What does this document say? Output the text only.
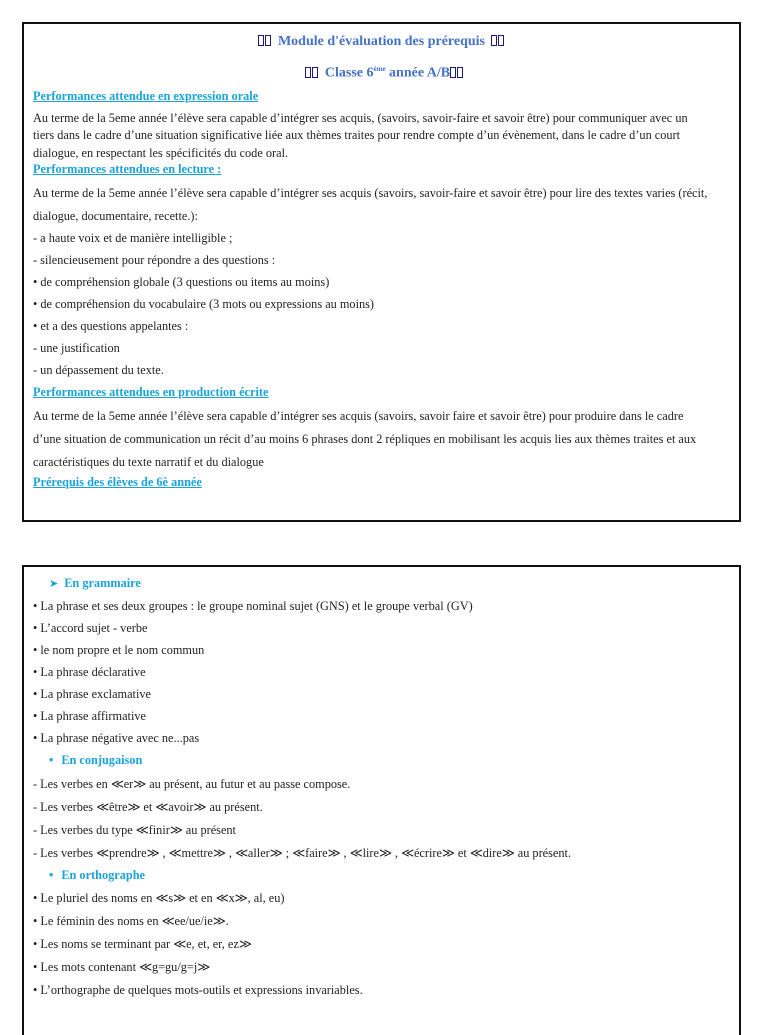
Module d'évaluation des prérequis
Classe 6ème année A/B
Performances attendue en expression orale
Au terme de la 5eme année l’élève sera capable d’intégrer ses acquis, (savoirs, savoir-faire et savoir être) pour communiquer avec un
tiers dans le cadre d’une situation significative liée aux thèmes traites pour rendre compte d’un évènement, dans le cadre d’un court
dialogue, en respectant les spécificités du code oral.
Performances attendues en lecture :
Au terme de la 5eme année l’élève sera capable d’intégrer ses acquis (savoirs, savoir-faire et savoir être) pour lire des textes varies (récit,
dialogue, documentaire, recette.):
- a haute voix et de manière intelligible ;
- silencieusement pour répondre a des questions :
• de compréhension globale (3 questions ou items au moins)
• de compréhension du vocabulaire (3 mots ou expressions au moins)
• et a des questions appelantes :
- une justification
- un dépassement du texte.
Performances attendues en production écrite
Au terme de la 5eme année l’élève sera capable d’intégrer ses acquis (savoirs, savoir faire et savoir être) pour produire dans le cadre
d’une situation de communication un récit d’au moins 6 phrases dont 2 répliques en mobilisant les acquis lies aux thèmes traites et aux
caractéristiques du texte narratif et du dialogue
Prérequis des élèves de 6è année
➤ En grammaire
• La phrase et ses deux groupes : le groupe nominal sujet (GNS) et le groupe verbal (GV)
• L’accord sujet - verbe
• le nom propre et le nom commun
• La phrase déclarative
• La phrase exclamative
• La phrase affirmative
• La phrase négative avec ne...pas
• En conjugaison
- Les verbes en ≪er≫ au présent, au futur et au passe compose.
- Les verbes ≪être≫ et ≪avoir≫ au présent.
- Les verbes du type ≪finir≫ au présent
- Les verbes ≪prendre≫ , ≪mettre≫ , ≪aller≫ ; ≪faire≫ , ≪lire≫ , ≪écrire≫ et ≪dire≫ au présent.
• En orthographe
• Le pluriel des noms en ≪s≫ et en ≪x≫, al, eu)
• Le féminin des noms en ≪ee/ue/ie≫.
• Les noms se terminant par ≪e, et, er, ez≫
• Les mots contenant ≪g=gu/g=j≫
• L’orthographe de quelques mots-outils et expressions invariables.
